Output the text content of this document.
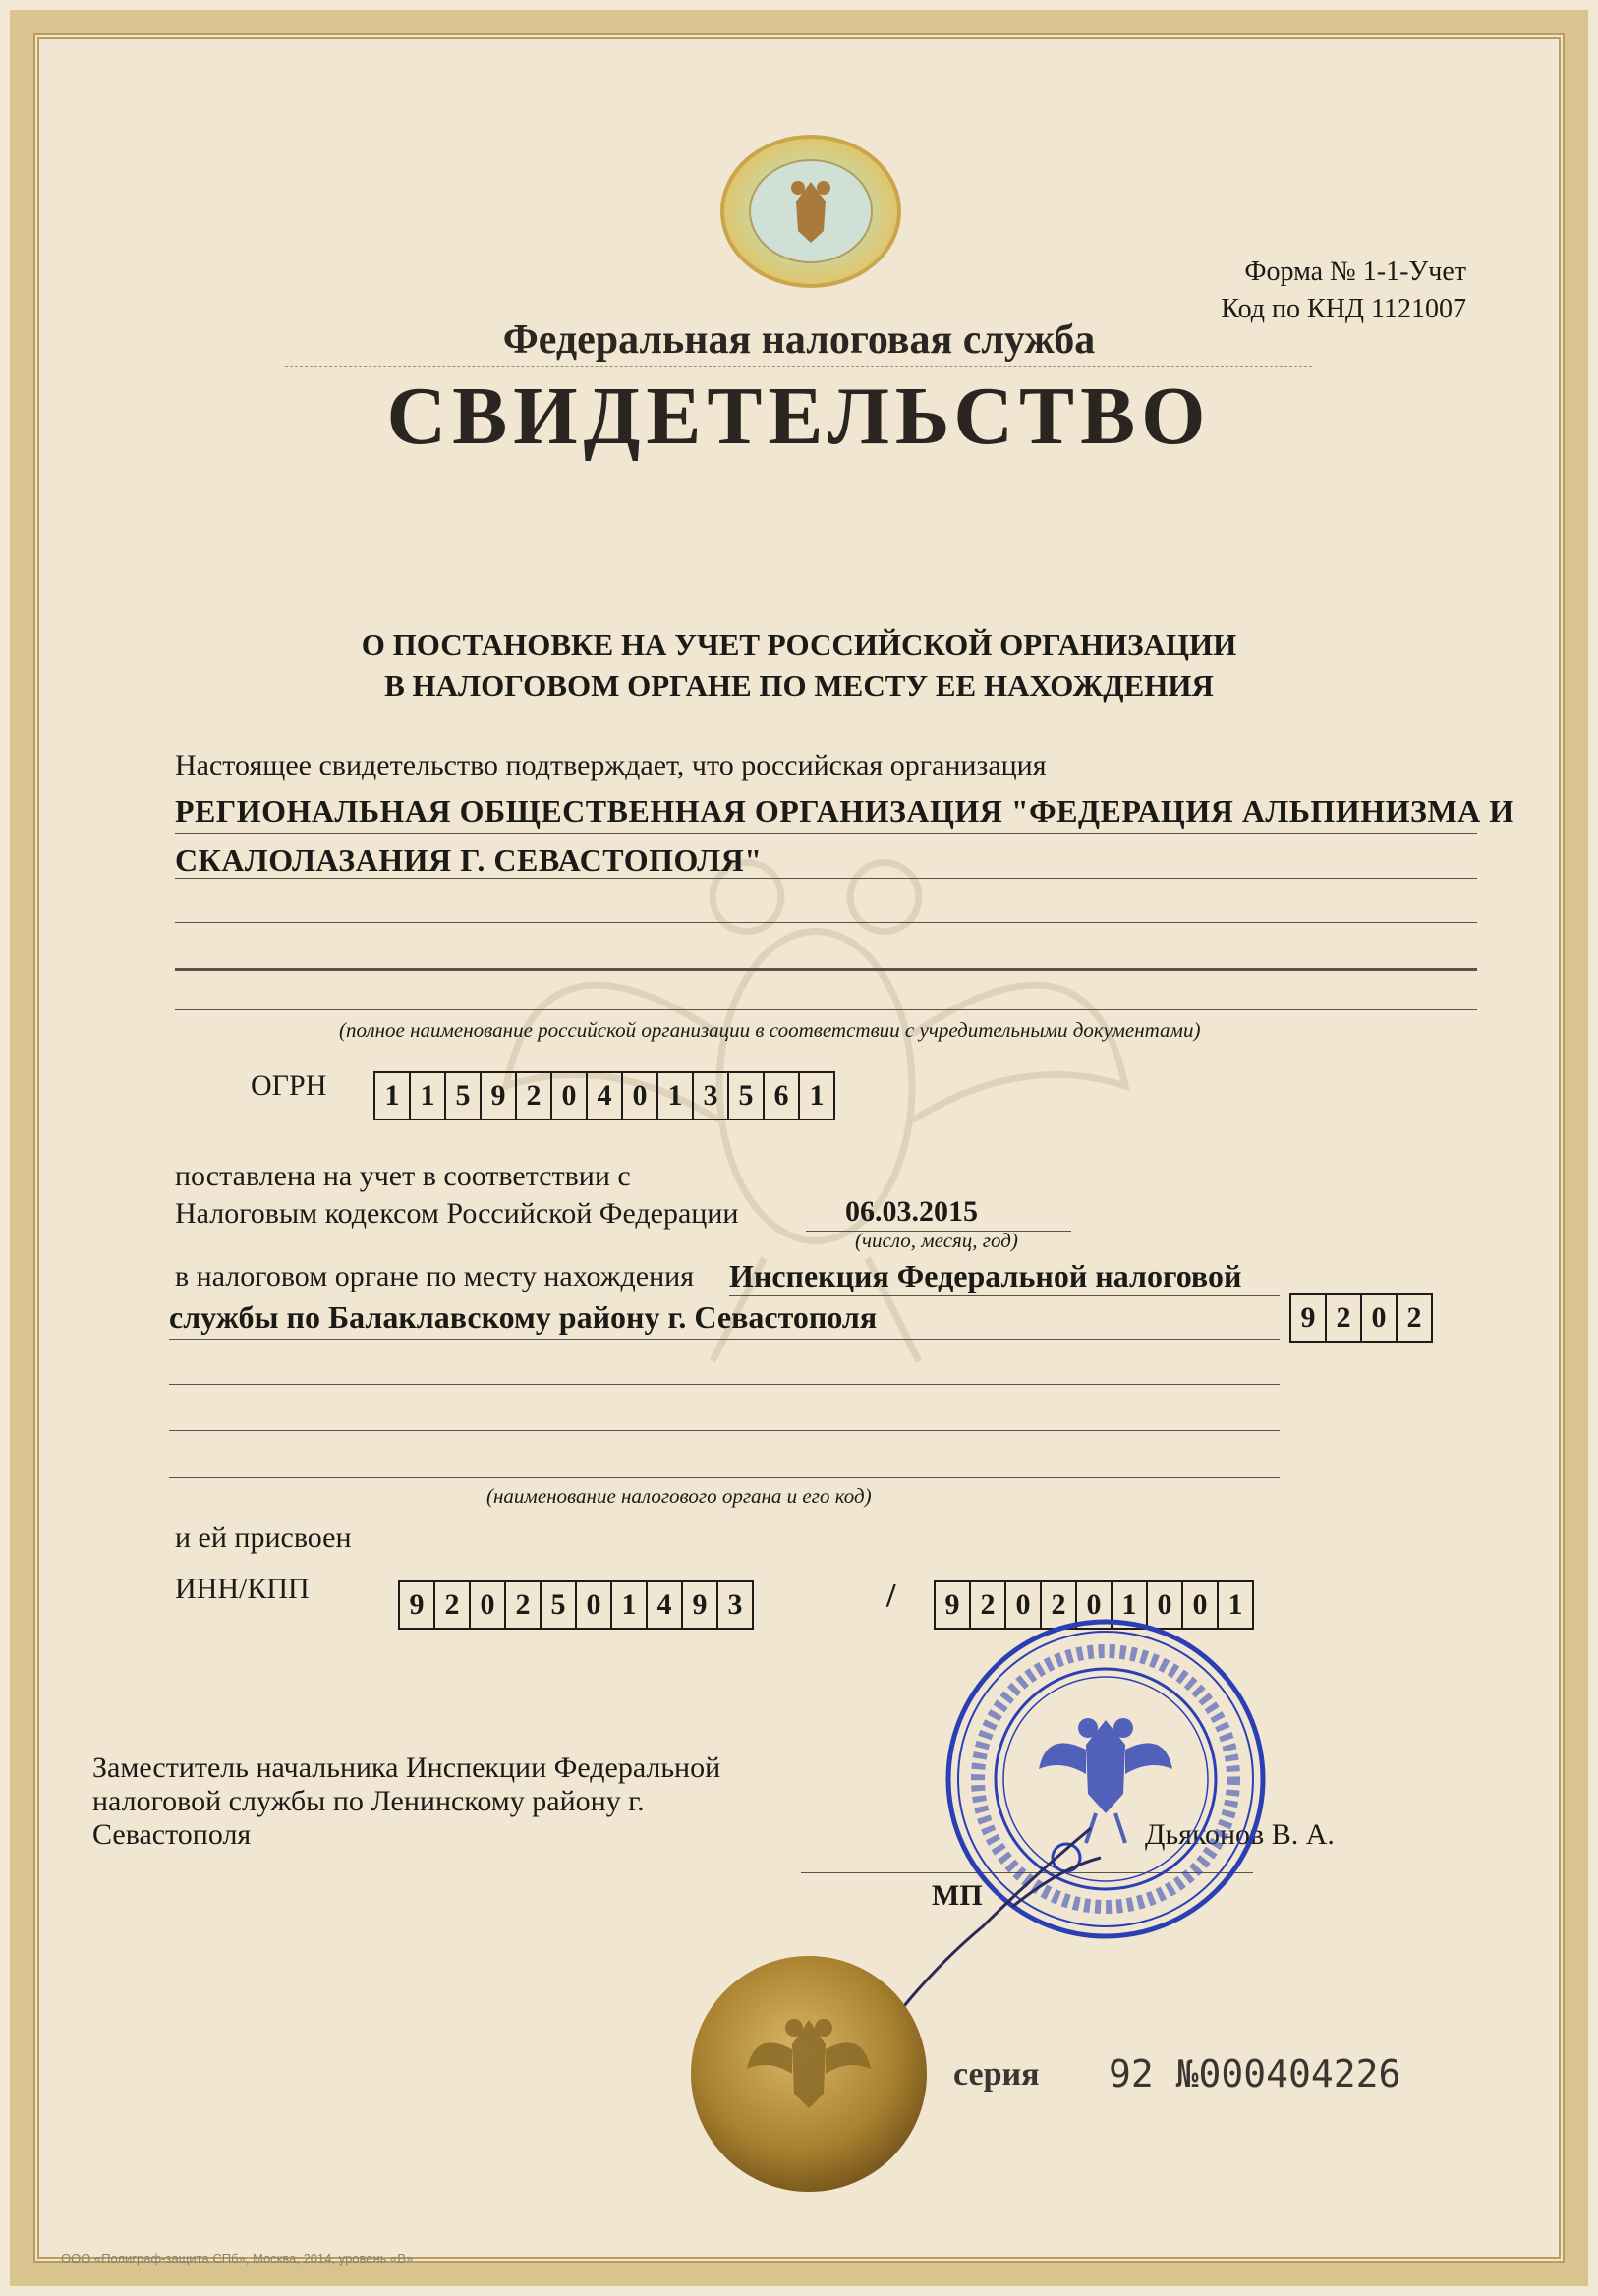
Форма № 1-1-Учет
Код по КНД 1121007
Федеральная налоговая служба
СВИДЕТЕЛЬСТВО
О ПОСТАНОВКЕ НА УЧЕТ РОССИЙСКОЙ ОРГАНИЗАЦИИ
В НАЛОГОВОМ ОРГАНЕ ПО МЕСТУ ЕЕ НАХОЖДЕНИЯ
Настоящее свидетельство подтверждает, что российская организация
РЕГИОНАЛЬНАЯ ОБЩЕСТВЕННАЯ ОРГАНИЗАЦИЯ "ФЕДЕРАЦИЯ АЛЬПИНИЗМА И
СКАЛОЛАЗАНИЯ Г. СЕВАСТОПОЛЯ"
(полное наименование российской организации в соответствии с учредительными документами)
ОГРН	1 1 5 9 2 0 4 0 1 3 5 6 1
поставлена на учет в соответствии с
Налоговым кодексом Российской Федерации	06.03.2015
(число, месяц, год)
в налоговом органе по месту нахождения Инспекция Федеральной налоговой
службы по Балаклавскому району г. Севастополя	9 2 0 2
(наименование налогового органа и его код)
и ей присвоен
ИНН/КПП	9 2 0 2 5 0 1 4 9 3	/	9 2 0 2 0 1 0 0 1
Заместитель начальника Инспекции Федеральной
налоговой службы по Ленинскому району г.
Севастополя	Дьяконов В. А.
МП
серия 92 №000404226
ООО «Полиграф-защита СПб», Москва, 2014, уровень «В»
